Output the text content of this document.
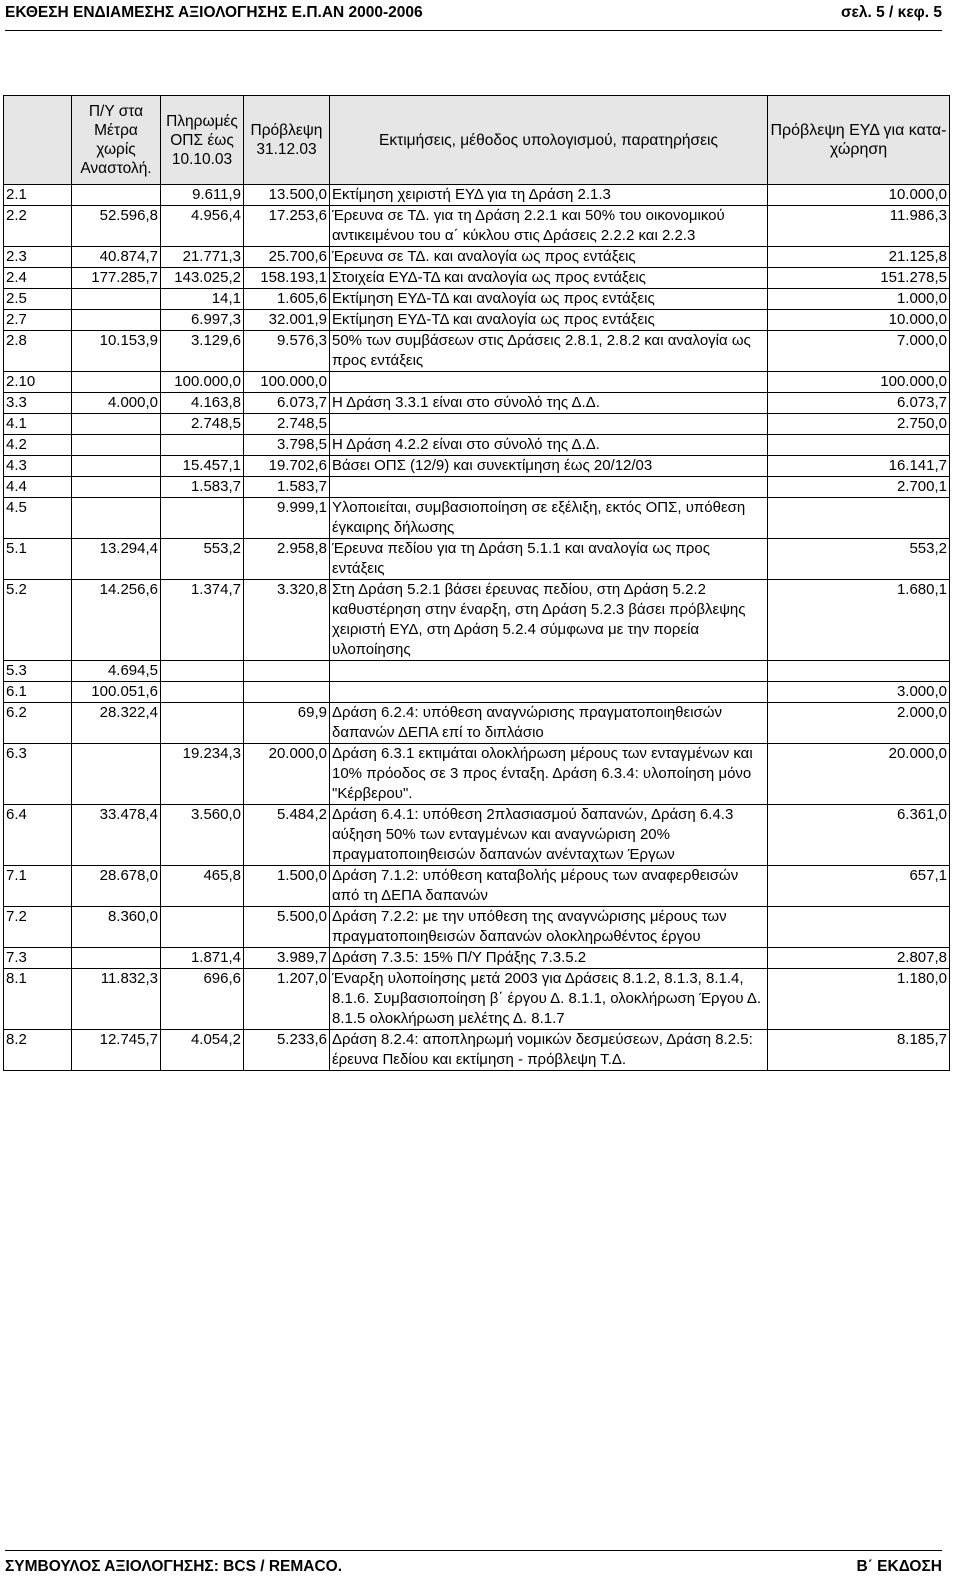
ΕΚΘΕΣΗ ΕΝΔΙΑΜΕΣΗΣ ΑΞΙΟΛΟΓΗΣΗΣ Ε.Π.ΑΝ 2000-2006	σελ. 5 / κεφ. 5
	Π/Υ στα Μέτρα χωρίς Αναστολή.	Πληρωμές ΟΠΣ έως 10.10.03	Πρόβλεψη 31.12.03	Εκτιμήσεις, μέθοδος υπολογισμού, παρατηρήσεις	Πρόβλεψη ΕΥΔ για κατα-χώρηση
2.1		9.611,9	13.500,0	Εκτίμηση χειριστή ΕΥΔ για τη Δράση 2.1.3	10.000,0
2.2	52.596,8	4.956,4	17.253,6	Έρευνα σε ΤΔ. για τη Δράση 2.2.1 και 50% του οικονομικού αντικειμένου του α΄ κύκλου στις Δράσεις 2.2.2 και 2.2.3	11.986,3
2.3	40.874,7	21.771,3	25.700,6	Έρευνα σε ΤΔ. και αναλογία ως προς εντάξεις	21.125,8
2.4	177.285,7	143.025,2	158.193,1	Στοιχεία ΕΥΔ-ΤΔ και αναλογία ως προς εντάξεις	151.278,5
2.5		14,1	1.605,6	Εκτίμηση ΕΥΔ-ΤΔ και αναλογία ως προς εντάξεις	1.000,0
2.7		6.997,3	32.001,9	Εκτίμηση ΕΥΔ-ΤΔ και αναλογία ως προς εντάξεις	10.000,0
2.8	10.153,9	3.129,6	9.576,3	50% των συμβάσεων στις Δράσεις 2.8.1, 2.8.2 και αναλογία ως προς εντάξεις	7.000,0
2.10		100.000,0	100.000,0		100.000,0
3.3	4.000,0	4.163,8	6.073,7	Η Δράση 3.3.1 είναι στο σύνολό της Δ.Δ.	6.073,7
4.1		2.748,5	2.748,5		2.750,0
4.2			3.798,5	Η Δράση 4.2.2 είναι στο σύνολό της Δ.Δ.	
4.3		15.457,1	19.702,6	Βάσει ΟΠΣ (12/9) και συνεκτίμηση έως 20/12/03	16.141,7
4.4		1.583,7	1.583,7		2.700,1
4.5			9.999,1	Υλοποιείται, συμβασιοποίηση σε εξέλιξη, εκτός ΟΠΣ, υπόθεση έγκαιρης δήλωσης	
5.1	13.294,4	553,2	2.958,8	Έρευνα πεδίου για τη Δράση 5.1.1 και αναλογία ως προς εντάξεις	553,2
5.2	14.256,6	1.374,7	3.320,8	Στη Δράση 5.2.1 βάσει έρευνας πεδίου, στη Δράση 5.2.2 καθυστέρηση στην έναρξη, στη Δράση 5.2.3 βάσει πρόβλεψης χειριστή ΕΥΔ, στη Δράση 5.2.4 σύμφωνα με την πορεία υλοποίησης	1.680,1
5.3	4.694,5				
6.1	100.051,6				3.000,0
6.2	28.322,4		69,9	Δράση 6.2.4: υπόθεση αναγνώρισης πραγματοποιηθεισών δαπανών ΔΕΠΑ επί το διπλάσιο	2.000,0
6.3		19.234,3	20.000,0	Δράση 6.3.1 εκτιμάται ολοκλήρωση μέρους των ενταγμένων και 10% πρόοδος σε 3 προς ένταξη. Δράση 6.3.4: υλοποίηση μόνο "Κέρβερου".	20.000,0
6.4	33.478,4	3.560,0	5.484,2	Δράση 6.4.1: υπόθεση 2πλασιασμού δαπανών, Δράση 6.4.3 αύξηση 50% των ενταγμένων και αναγνώριση 20% πραγματοποιηθεισών δαπανών ανένταχτων Έργων	6.361,0
7.1	28.678,0	465,8	1.500,0	Δράση 7.1.2: υπόθεση καταβολής μέρους των αναφερθεισών από τη ΔΕΠΑ δαπανών	657,1
7.2	8.360,0		5.500,0	Δράση 7.2.2: με την υπόθεση της αναγνώρισης μέρους των πραγματοποιηθεισών δαπανών ολοκληρωθέντος έργου	
7.3		1.871,4	3.989,7	Δράση 7.3.5: 15% Π/Υ Πράξης 7.3.5.2	2.807,8
8.1	11.832,3	696,6	1.207,0	Έναρξη υλοποίησης μετά 2003 για Δράσεις 8.1.2, 8.1.3, 8.1.4, 8.1.6. Συμβασιοποίηση β΄ έργου Δ. 8.1.1, ολοκλήρωση Έργου Δ. 8.1.5 ολοκλήρωση μελέτης Δ. 8.1.7	1.180,0
8.2	12.745,7	4.054,2	5.233,6	Δράση 8.2.4: αποπληρωμή νομικών δεσμεύσεων, Δράση 8.2.5: έρευνα Πεδίου και εκτίμηση - πρόβλεψη Τ.Δ.	8.185,7
ΣΥΜΒΟΥΛΟΣ ΑΞΙΟΛΟΓΗΣΗΣ: BCS / REMACO.	Β΄ ΕΚΔΟΣΗ
